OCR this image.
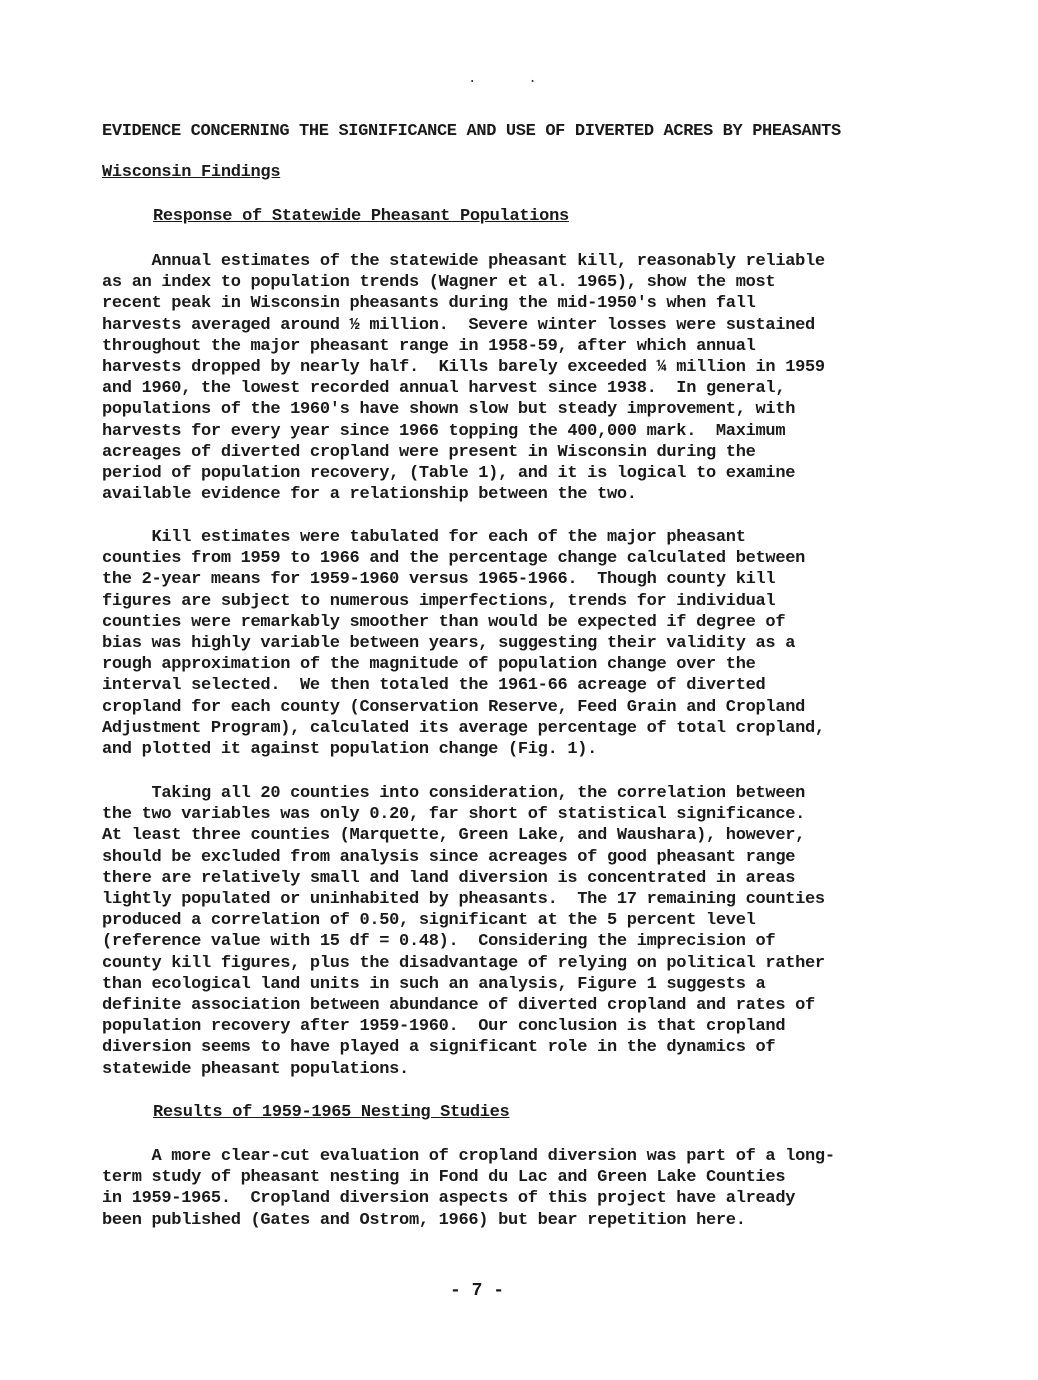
··
EVIDENCE CONCERNING THE SIGNIFICANCE AND USE OF DIVERTED ACRES BY PHEASANTS
Wisconsin Findings
Response of Statewide Pheasant Populations
Annual estimates of the statewide pheasant kill, reasonably reliable
as an index to population trends (Wagner et al. 1965), show the most
recent peak in Wisconsin pheasants during the mid-1950's when fall
harvests averaged around ½ million.  Severe winter losses were sustained
throughout the major pheasant range in 1958-59, after which annual
harvests dropped by nearly half.  Kills barely exceeded ¼ million in 1959
and 1960, the lowest recorded annual harvest since 1938.  In general,
populations of the 1960's have shown slow but steady improvement, with
harvests for every year since 1966 topping the 400,000 mark.  Maximum
acreages of diverted cropland were present in Wisconsin during the
period of population recovery, (Table 1), and it is logical to examine
available evidence for a relationship between the two.
Kill estimates were tabulated for each of the major pheasant
counties from 1959 to 1966 and the percentage change calculated between
the 2-year means for 1959-1960 versus 1965-1966.  Though county kill
figures are subject to numerous imperfections, trends for individual
counties were remarkably smoother than would be expected if degree of
bias was highly variable between years, suggesting their validity as a
rough approximation of the magnitude of population change over the
interval selected.  We then totaled the 1961-66 acreage of diverted
cropland for each county (Conservation Reserve, Feed Grain and Cropland
Adjustment Program), calculated its average percentage of total cropland,
and plotted it against population change (Fig. 1).
Taking all 20 counties into consideration, the correlation between
the two variables was only 0.20, far short of statistical significance.
At least three counties (Marquette, Green Lake, and Waushara), however,
should be excluded from analysis since acreages of good pheasant range
there are relatively small and land diversion is concentrated in areas
lightly populated or uninhabited by pheasants.  The 17 remaining counties
produced a correlation of 0.50, significant at the 5 percent level
(reference value with 15 df = 0.48).  Considering the imprecision of
county kill figures, plus the disadvantage of relying on political rather
than ecological land units in such an analysis, Figure 1 suggests a
definite association between abundance of diverted cropland and rates of
population recovery after 1959-1960.  Our conclusion is that cropland
diversion seems to have played a significant role in the dynamics of
statewide pheasant populations.
Results of 1959-1965 Nesting Studies
A more clear-cut evaluation of cropland diversion was part of a long-
term study of pheasant nesting in Fond du Lac and Green Lake Counties
in 1959-1965.  Cropland diversion aspects of this project have already
been published (Gates and Ostrom, 1966) but bear repetition here.
- 7 -
